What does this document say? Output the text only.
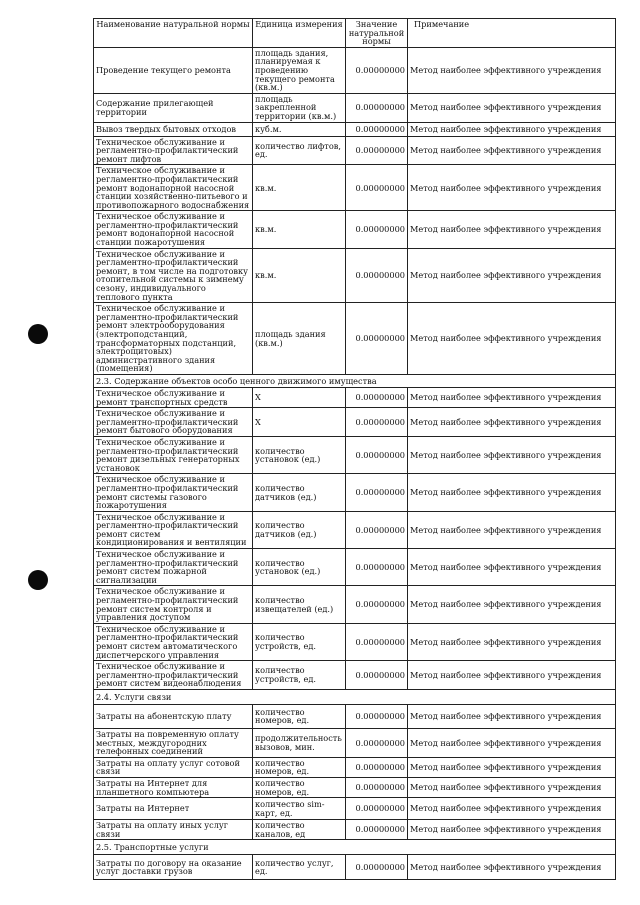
Наименование натуральной нормы	Единица измерения	Значение натуральной нормы	Примечание
Проведение текущего ремонта	площадь здания, планируемая к проведению текущего ремонта (кв.м.)	0.00000000	Метод наиболее эффективного учреждения
Содержание прилегающей территории	площадь закрепленной территории (кв.м.)	0.00000000	Метод наиболее эффективного учреждения
Вывоз твердых бытовых отходов	куб.м.	0.00000000	Метод наиболее эффективного учреждения
Техническое обслуживание и регламентно-профилактический ремонт лифтов	количество лифтов, ед.	0.00000000	Метод наиболее эффективного учреждения
Техническое обслуживание и регламентно-профилактический ремонт водонапорной насосной станции хозяйственно-питьевого и противопожарного водоснабжения	кв.м.	0.00000000	Метод наиболее эффективного учреждения
Техническое обслуживание и регламентно-профилактический ремонт водонапорной насосной станции пожаротушения	кв.м.	0.00000000	Метод наиболее эффективного учреждения
Техническое обслуживание и регламентно-профилактический ремонт, в том числе на подготовку отопительной системы к зимнему сезону, индивидуального теплового пункта	кв.м.	0.00000000	Метод наиболее эффективного учреждения
Техническое обслуживание и регламентно-профилактический ремонт электрооборудования (электроподстанций, трансформаторных подстанций, электрощитовых) административного здания (помещения)	площадь здания (кв.м.)	0.00000000	Метод наиболее эффективного учреждения
2.3. Содержание объектов особо ценного движимого имущества			
Техническое обслуживание и ремонт транспортных средств	X	0.00000000	Метод наиболее эффективного учреждения
Техническое обслуживание и регламентно-профилактический ремонт бытового оборудования	X	0.00000000	Метод наиболее эффективного учреждения
Техническое обслуживание и регламентно-профилактический ремонт дизельных генераторных установок	количество установок (ед.)	0.00000000	Метод наиболее эффективного учреждения
Техническое обслуживание и регламентно-профилактический ремонт системы газового пожаротушения	количество датчиков (ед.)	0.00000000	Метод наиболее эффективного учреждения
Техническое обслуживание и регламентно-профилактический ремонт систем кондиционирования и вентиляции	количество датчиков (ед.)	0.00000000	Метод наиболее эффективного учреждения
Техническое обслуживание и регламентно-профилактический ремонт систем пожарной сигнализации	количество установок (ед.)	0.00000000	Метод наиболее эффективного учреждения
Техническое обслуживание и регламентно-профилактический ремонт систем контроля и управления доступом	количество извещателей (ед.)	0.00000000	Метод наиболее эффективного учреждения
Техническое обслуживание и регламентно-профилактический ремонт систем автоматического диспетчерского управления	количество устройств, ед.	0.00000000	Метод наиболее эффективного учреждения
Техническое обслуживание и регламентно-профилактический ремонт систем видеонаблюдения	количество устройств, ед.	0.00000000	Метод наиболее эффективного учреждения
2.4. Услуги связи			
Затраты на абонентскую плату	количество номеров, ед.	0.00000000	Метод наиболее эффективного учреждения
Затраты на повременную оплату местных, междугородних телефонных соединений	продолжительность вызовов, мин.	0.00000000	Метод наиболее эффективного учреждения
Затраты на оплату услуг сотовой связи	количество номеров, ед.	0.00000000	Метод наиболее эффективного учреждения
Затраты на Интернет для планшетного компьютера	количество номеров, ед.	0.00000000	Метод наиболее эффективного учреждения
Затраты на Интернет	количество sim-карт, ед.	0.00000000	Метод наиболее эффективного учреждения
Затраты на оплату иных услуг связи	количество каналов, ед	0.00000000	Метод наиболее эффективного учреждения
2.5. Транспортные услуги			
Затраты по договору на оказание услуг доставки грузов	количество услуг, ед.	0.00000000	Метод наиболее эффективного учреждения
